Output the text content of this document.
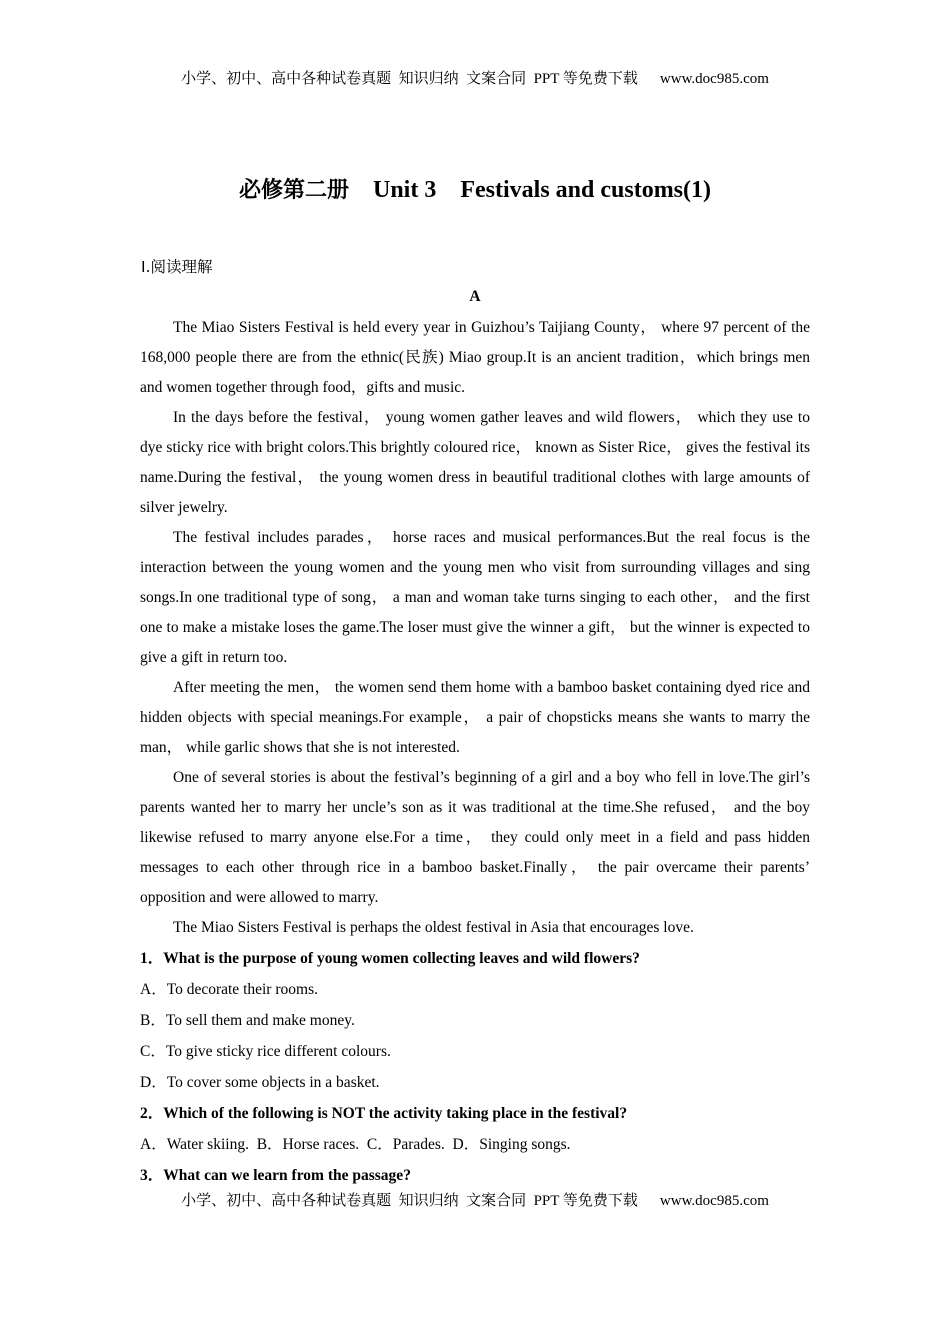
小学、初中、高中各种试卷真题  知识归纳  文案合同  PPT 等免费下载 www.doc985.com
必修第二册 Unit 3 Festivals and customs(1)
Ⅰ.阅读理解
A

The Miao Sisters Festival is held every year in Guizhou’s Taijiang County， where 97 percent of the 168,000 people there are from the ethnic(民族) Miao group.It is an ancient tradition，which brings men and women together through food，gifts and music.

In the days before the festival， young women gather leaves and wild flowers， which they use to dye sticky rice with bright colors.This brightly coloured rice， known as Sister Rice， gives the festival its name.During the festival， the young women dress in beautiful traditional clothes with large amounts of silver jewelry.

The festival includes parades， horse races and musical performances.But the real focus is the interaction between the young women and the young men who visit from surrounding villages and sing songs.In one traditional type of song， a man and woman take turns singing to each other， and the first one to make a mistake loses the game.The loser must give the winner a gift， but the winner is expected to give a gift in return too.

After meeting the men， the women send them home with a bamboo basket containing dyed rice and hidden objects with special meanings.For example， a pair of chopsticks means she wants to marry the man， while garlic shows that she is not interested.

One of several stories is about the festival’s beginning of a girl and a boy who fell in love.The girl’s parents wanted her to marry her uncle’s son as it was traditional at the time.She refused， and the boy likewise refused to marry anyone else.For a time， they could only meet in a field and pass hidden messages to each other through rice in a bamboo basket.Finally， the pair overcame their parents’ opposition and were allowed to marry.

The Miao Sisters Festival is perhaps the oldest festival in Asia that encourages love.

1．What is the purpose of young women collecting leaves and wild flowers?

A．To decorate their rooms.

B．To sell them and make money.

C．To give sticky rice different colours.

D．To cover some objects in a basket.

2．Which of the following is NOT the activity taking place in the festival?

A．Water skiing.  B．Horse races.  C．Parades.  D．Singing songs.

3．What can we learn from the passage?

小学、初中、高中各种试卷真题  知识归纳  文案合同  PPT 等免费下载 www.doc985.com
